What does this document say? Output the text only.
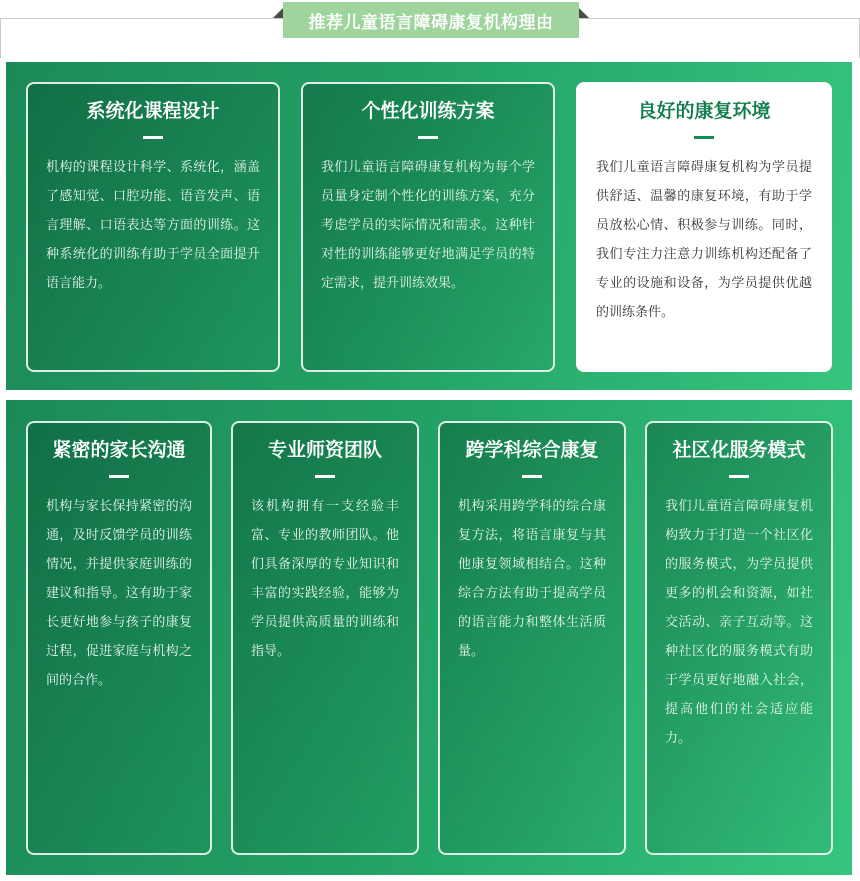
推荐儿童语言障碍康复机构理由
系统化课程设计
机构的课程设计科学、系统化，涵盖了感知觉、口腔功能、语音发声、语言理解、口语表达等方面的训练。这种系统化的训练有助于学员全面提升语言能力。
个性化训练方案
我们儿童语言障碍康复机构为每个学员量身定制个性化的训练方案，充分考虑学员的实际情况和需求。这种针对性的训练能够更好地满足学员的特定需求，提升训练效果。
良好的康复环境
我们儿童语言障碍康复机构为学员提供舒适、温馨的康复环境，有助于学员放松心情、积极参与训练。同时，我们专注力注意力训练机构还配备了专业的设施和设备，为学员提供优越的训练条件。
紧密的家长沟通
机构与家长保持紧密的沟通，及时反馈学员的训练情况，并提供家庭训练的建议和指导。这有助于家长更好地参与孩子的康复过程，促进家庭与机构之间的合作。
专业师资团队
该机构拥有一支经验丰富、专业的教师团队。他们具备深厚的专业知识和丰富的实践经验，能够为学员提供高质量的训练和指导。
跨学科综合康复
机构采用跨学科的综合康复方法，将语言康复与其他康复领域相结合。这种综合方法有助于提高学员的语言能力和整体生活质量。
社区化服务模式
我们儿童语言障碍康复机构致力于打造一个社区化的服务模式，为学员提供更多的机会和资源，如社交活动、亲子互动等。这种社区化的服务模式有助于学员更好地融入社会，提高他们的社会适应能力。
